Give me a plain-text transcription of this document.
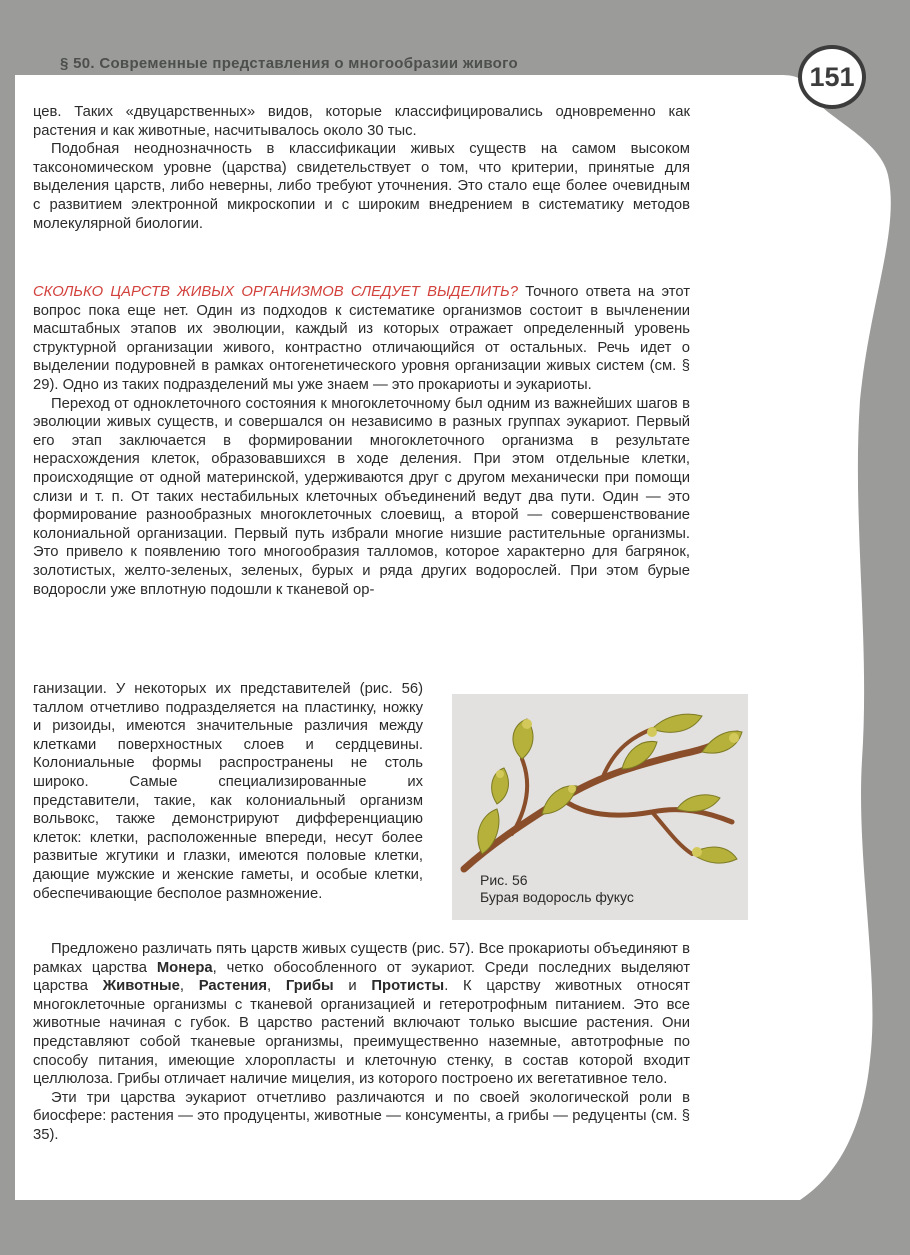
§ 50. Современные представления о многообразии живого	151

цев. Таких «двуцарственных» видов, которые классифицировались одновременно как растения и как животные, насчитывалось около 30 тыс.

Подобная неоднозначность в классификации живых существ на самом высоком таксономическом уровне (царства) свидетельствует о том, что критерии, принятые для выделения царств, либо неверны, либо требуют уточнения. Это стало еще более очевидным с развитием электронной микроскопии и с широким внедрением в систематику методов молекулярной биологии.

СКОЛЬКО ЦАРСТВ ЖИВЫХ ОРГАНИЗМОВ СЛЕДУЕТ ВЫДЕЛИТЬ? Точного ответа на этот вопрос пока еще нет. Один из подходов к систематике организмов состоит в вычленении масштабных этапов их эволюции, каждый из которых отражает определенный уровень структурной организации живого, контрастно отличающийся от остальных. Речь идет о выделении подуровней в рамках онтогенетического уровня организации живых систем (см. § 29). Одно из таких подразделений мы уже знаем — это прокариоты и эукариоты.

Переход от одноклеточного состояния к многоклеточному был одним из важнейших шагов в эволюции живых существ, и совершался он независимо в разных группах эукариот. Первый его этап заключается в формировании многоклеточного организма в результате нерасхождения клеток, образовавшихся в ходе деления. При этом отдельные клетки, происходящие от одной материнской, удерживаются друг с другом механически при помощи слизи и т. п. От таких нестабильных клеточных объединений ведут два пути. Один — это формирование разнообразных многоклеточных слоевищ, а второй — совершенствование колониальной организации. Первый путь избрали многие низшие растительные организмы. Это привело к появлению того многообразия талломов, которое характерно для багрянок, золотистых, желто-зеленых, зеленых, бурых и ряда других водорослей. При этом бурые водоросли уже вплотную подошли к тканевой ор-

ганизации. У некоторых их представителей (рис. 56) таллом отчетливо подразделяется на пластинку, ножку и ризоиды, имеются значительные различия между клетками поверхностных слоев и сердцевины. Колониальные формы распространены не столь широко. Самые специализированные их представители, такие, как колониальный организм вольвокс, также демонстрируют дифференциацию клеток: клетки, расположенные впереди, несут более развитые жгутики и глазки, имеются половые клетки, дающие мужские и женские гаметы, и особые клетки, обеспечивающие бесполое размножение.

Предложено различать пять царств живых существ (рис. 57). Все прокариоты объединяют в рамках царства Монера, четко обособленного от эукариот. Среди последних выделяют царства Животные, Растения, Грибы и Протисты. К царству животных относят многоклеточные организмы с тканевой организацией и гетеротрофным питанием. Это все животные начиная с губок. В царство растений включают только высшие растения. Они представляют собой тканевые организмы, преимущественно наземные, автотрофные по способу питания, имеющие хлоропласты и клеточную стенку, в состав которой входит целлюлоза. Грибы отличает наличие мицелия, из которого построено их вегетативное тело.

Эти три царства эукариот отчетливо различаются и по своей экологической роли в биосфере: растения — это продуценты, животные — консументы, а грибы — редуценты (см. § 35).

Рис. 56
Бурая водоросль фукус
